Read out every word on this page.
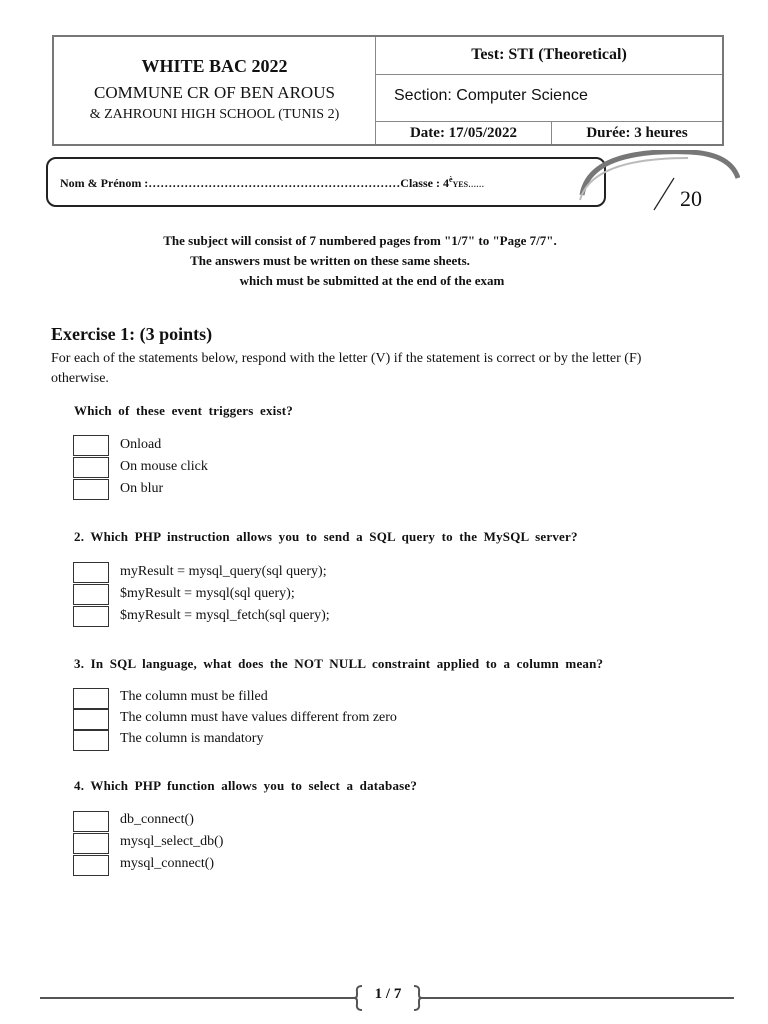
WHITE BAC 2022
COMMUNE CR OF BEN AROUS
& ZAHROUNI HIGH SCHOOL (TUNIS 2)
Test: STI (Theoretical)
Section: Computer Science
Date: 17/05/2022	Durée: 3 heures
Nom & Prénom :………………………………………………………Classe : $4^èYES\dots\dots$
20
The subject will consist of 7 numbered pages from "1/7" to "Page 7/7".
The answers must be written on these same sheets.
which must be submitted at the end of the exam
Exercise 1: (3 points)
For each of the statements below, respond with the letter (V) if the statement is correct or by the letter (F) otherwise.
Which of these event triggers exist?
Onload
On mouse click
On blur
2. Which PHP instruction allows you to send a SQL query to the MySQL server?
myResult = mysql_query(sql query);
$myResult = mysql(sql query);
$myResult = mysql_fetch(sql query);
3. In SQL language, what does the NOT NULL constraint applied to a column mean?
The column must be filled
The column must have values different from zero
The column is mandatory
4. Which PHP function allows you to select a database?
db_connect()
mysql_select_db()
mysql_connect()
1 / 7
